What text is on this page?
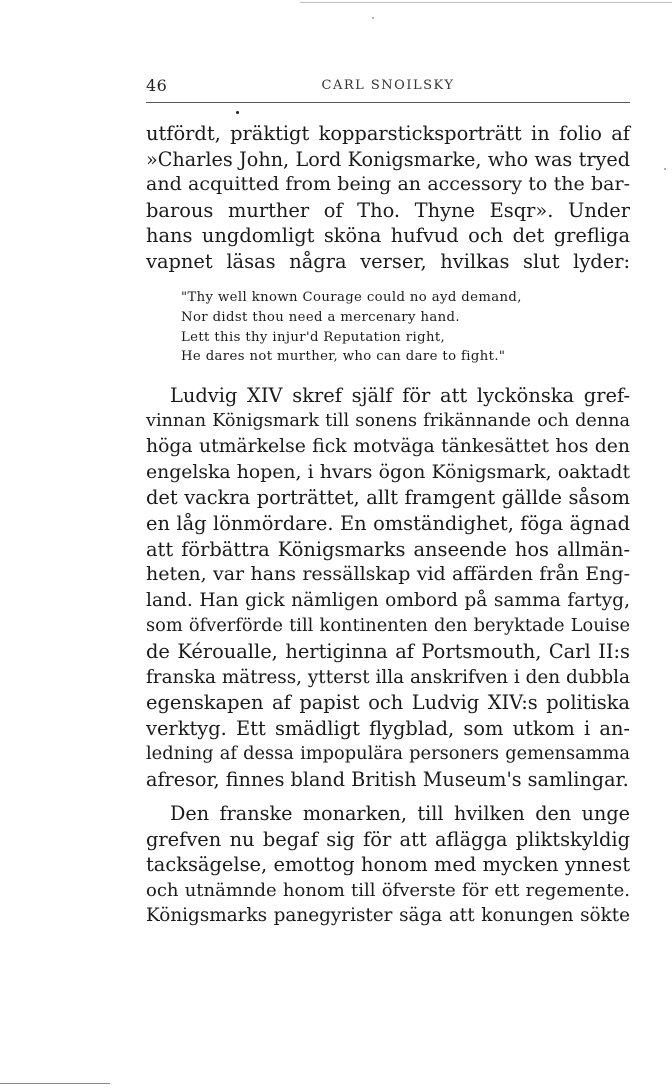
46	CARL SNOILSKY
utfördt, präktigt kopparsticksporträtt in folio af
»Charles John, Lord Konigsmarke, who was tryed
and acquitted from being an accessory to the bar-
barous murther of Tho. Thyne Esqr». Under
hans ungdomligt sköna hufvud och det grefliga
vapnet läsas några verser, hvilkas slut lyder:
"Thy well known Courage could no ayd demand,
Nor didst thou need a mercenary hand.
Lett this thy injur'd Reputation right,
He dares not murther, who can dare to fight."
Ludvig XIV skref själf för att lyckönska gref-
vinnan Königsmark till sonens frikännande och denna
höga utmärkelse fick motväga tänkesättet hos den
engelska hopen, i hvars ögon Königsmark, oaktadt
det vackra porträttet, allt framgent gällde såsom
en låg lönmördare. En omständighet, föga ägnad
att förbättra Königsmarks anseende hos allmän-
heten, var hans ressällskap vid affärden från Eng-
land. Han gick nämligen ombord på samma fartyg,
som öfverförde till kontinenten den beryktade Louise
de Kéroualle, hertiginna af Portsmouth, Carl II:s
franska mätress, ytterst illa anskrifven i den dubbla
egenskapen af papist och Ludvig XIV:s politiska
verktyg. Ett smädligt flygblad, som utkom i an-
ledning af dessa impopulära personers gemensamma
afresor, finnes bland British Museum's samlingar.
Den franske monarken, till hvilken den unge
grefven nu begaf sig för att aflägga pliktskyldig
tacksägelse, emottog honom med mycken ynnest
och utnämnde honom till öfverste för ett regemente.
Königsmarks panegyrister säga att konungen sökte
